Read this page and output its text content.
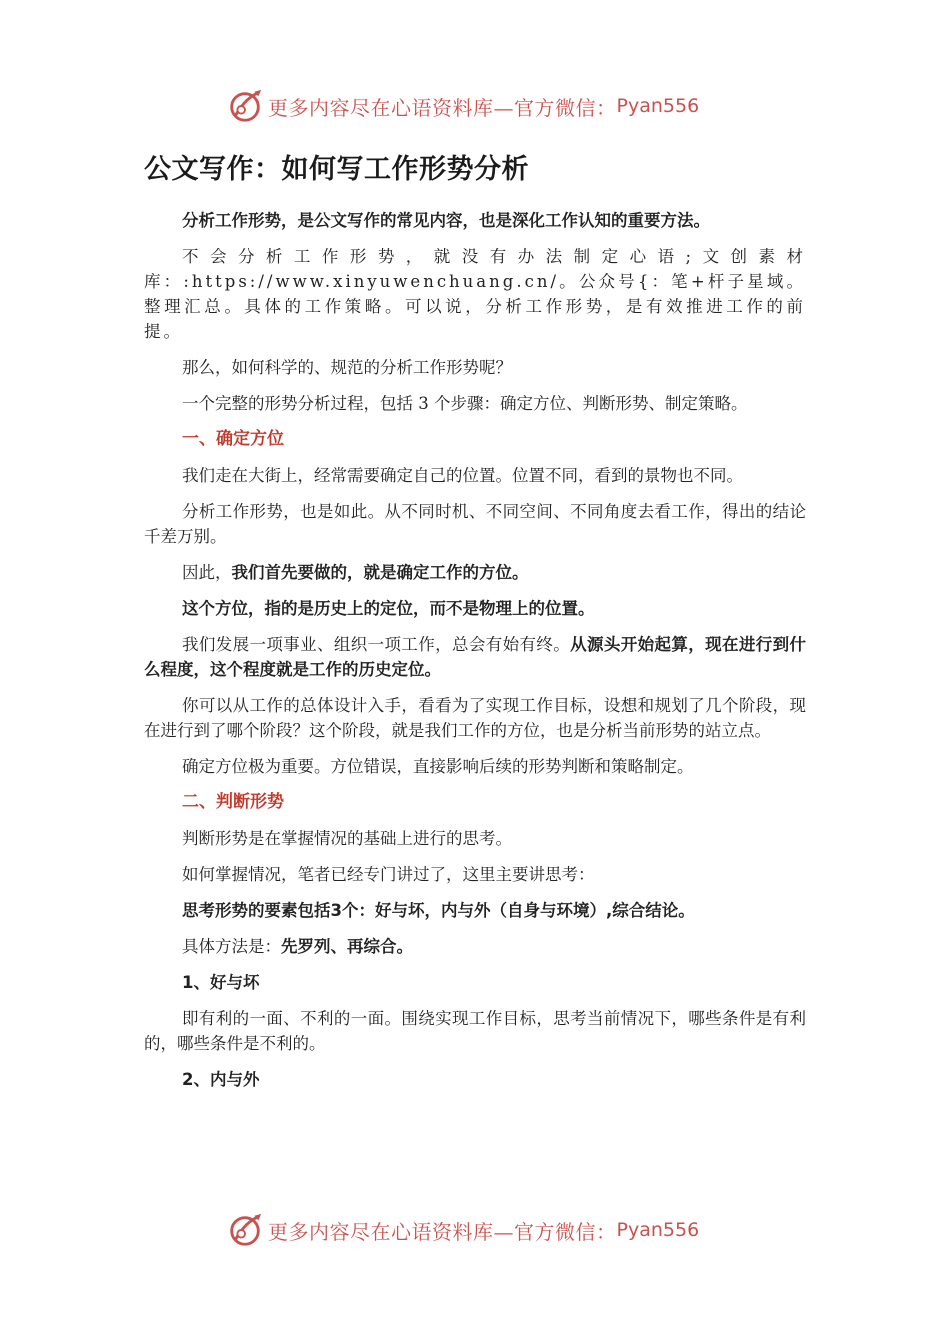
更多内容尽在心语资料库—官方微信： Pyan556
公文写作：如何写工作形势分析

分析工作形势，是公文写作的常见内容，也是深化工作认知的重要方法。

不会分析工作形势，就没有办法制定心语;文创素材库：:https://www.xinyuwenchuang.cn/。公众号{：笔+杆子星域。整理汇总。具体的工作策略。可以说，分析工作形势，是有效推进工作的前提。

那么，如何科学的、规范的分析工作形势呢？

一个完整的形势分析过程，包括 3 个步骤：确定方位、判断形势、制定策略。

一、确定方位

我们走在大街上，经常需要确定自己的位置。位置不同，看到的景物也不同。

分析工作形势，也是如此。从不同时机、不同空间、不同角度去看工作，得出的结论千差万别。

因此，我们首先要做的，就是确定工作的方位。

这个方位，指的是历史上的定位，而不是物理上的位置。

我们发展一项事业、组织一项工作，总会有始有终。从源头开始起算，现在进行到什么程度，这个程度就是工作的历史定位。

你可以从工作的总体设计入手，看看为了实现工作目标，设想和规划了几个阶段，现在进行到了哪个阶段？这个阶段，就是我们工作的方位，也是分析当前形势的站立点。

确定方位极为重要。方位错误，直接影响后续的形势判断和策略制定。

二、判断形势

判断形势是在掌握情况的基础上进行的思考。

如何掌握情况，笔者已经专门讲过了，这里主要讲思考：

思考形势的要素包括3个：好与坏，内与外（自身与环境）,综合结论。

具体方法是：先罗列、再综合。

1、好与坏

即有利的一面、不利的一面。围绕实现工作目标，思考当前情况下，哪些条件是有利的，哪些条件是不利的。

2、内与外

更多内容尽在心语资料库—官方微信： Pyan556
